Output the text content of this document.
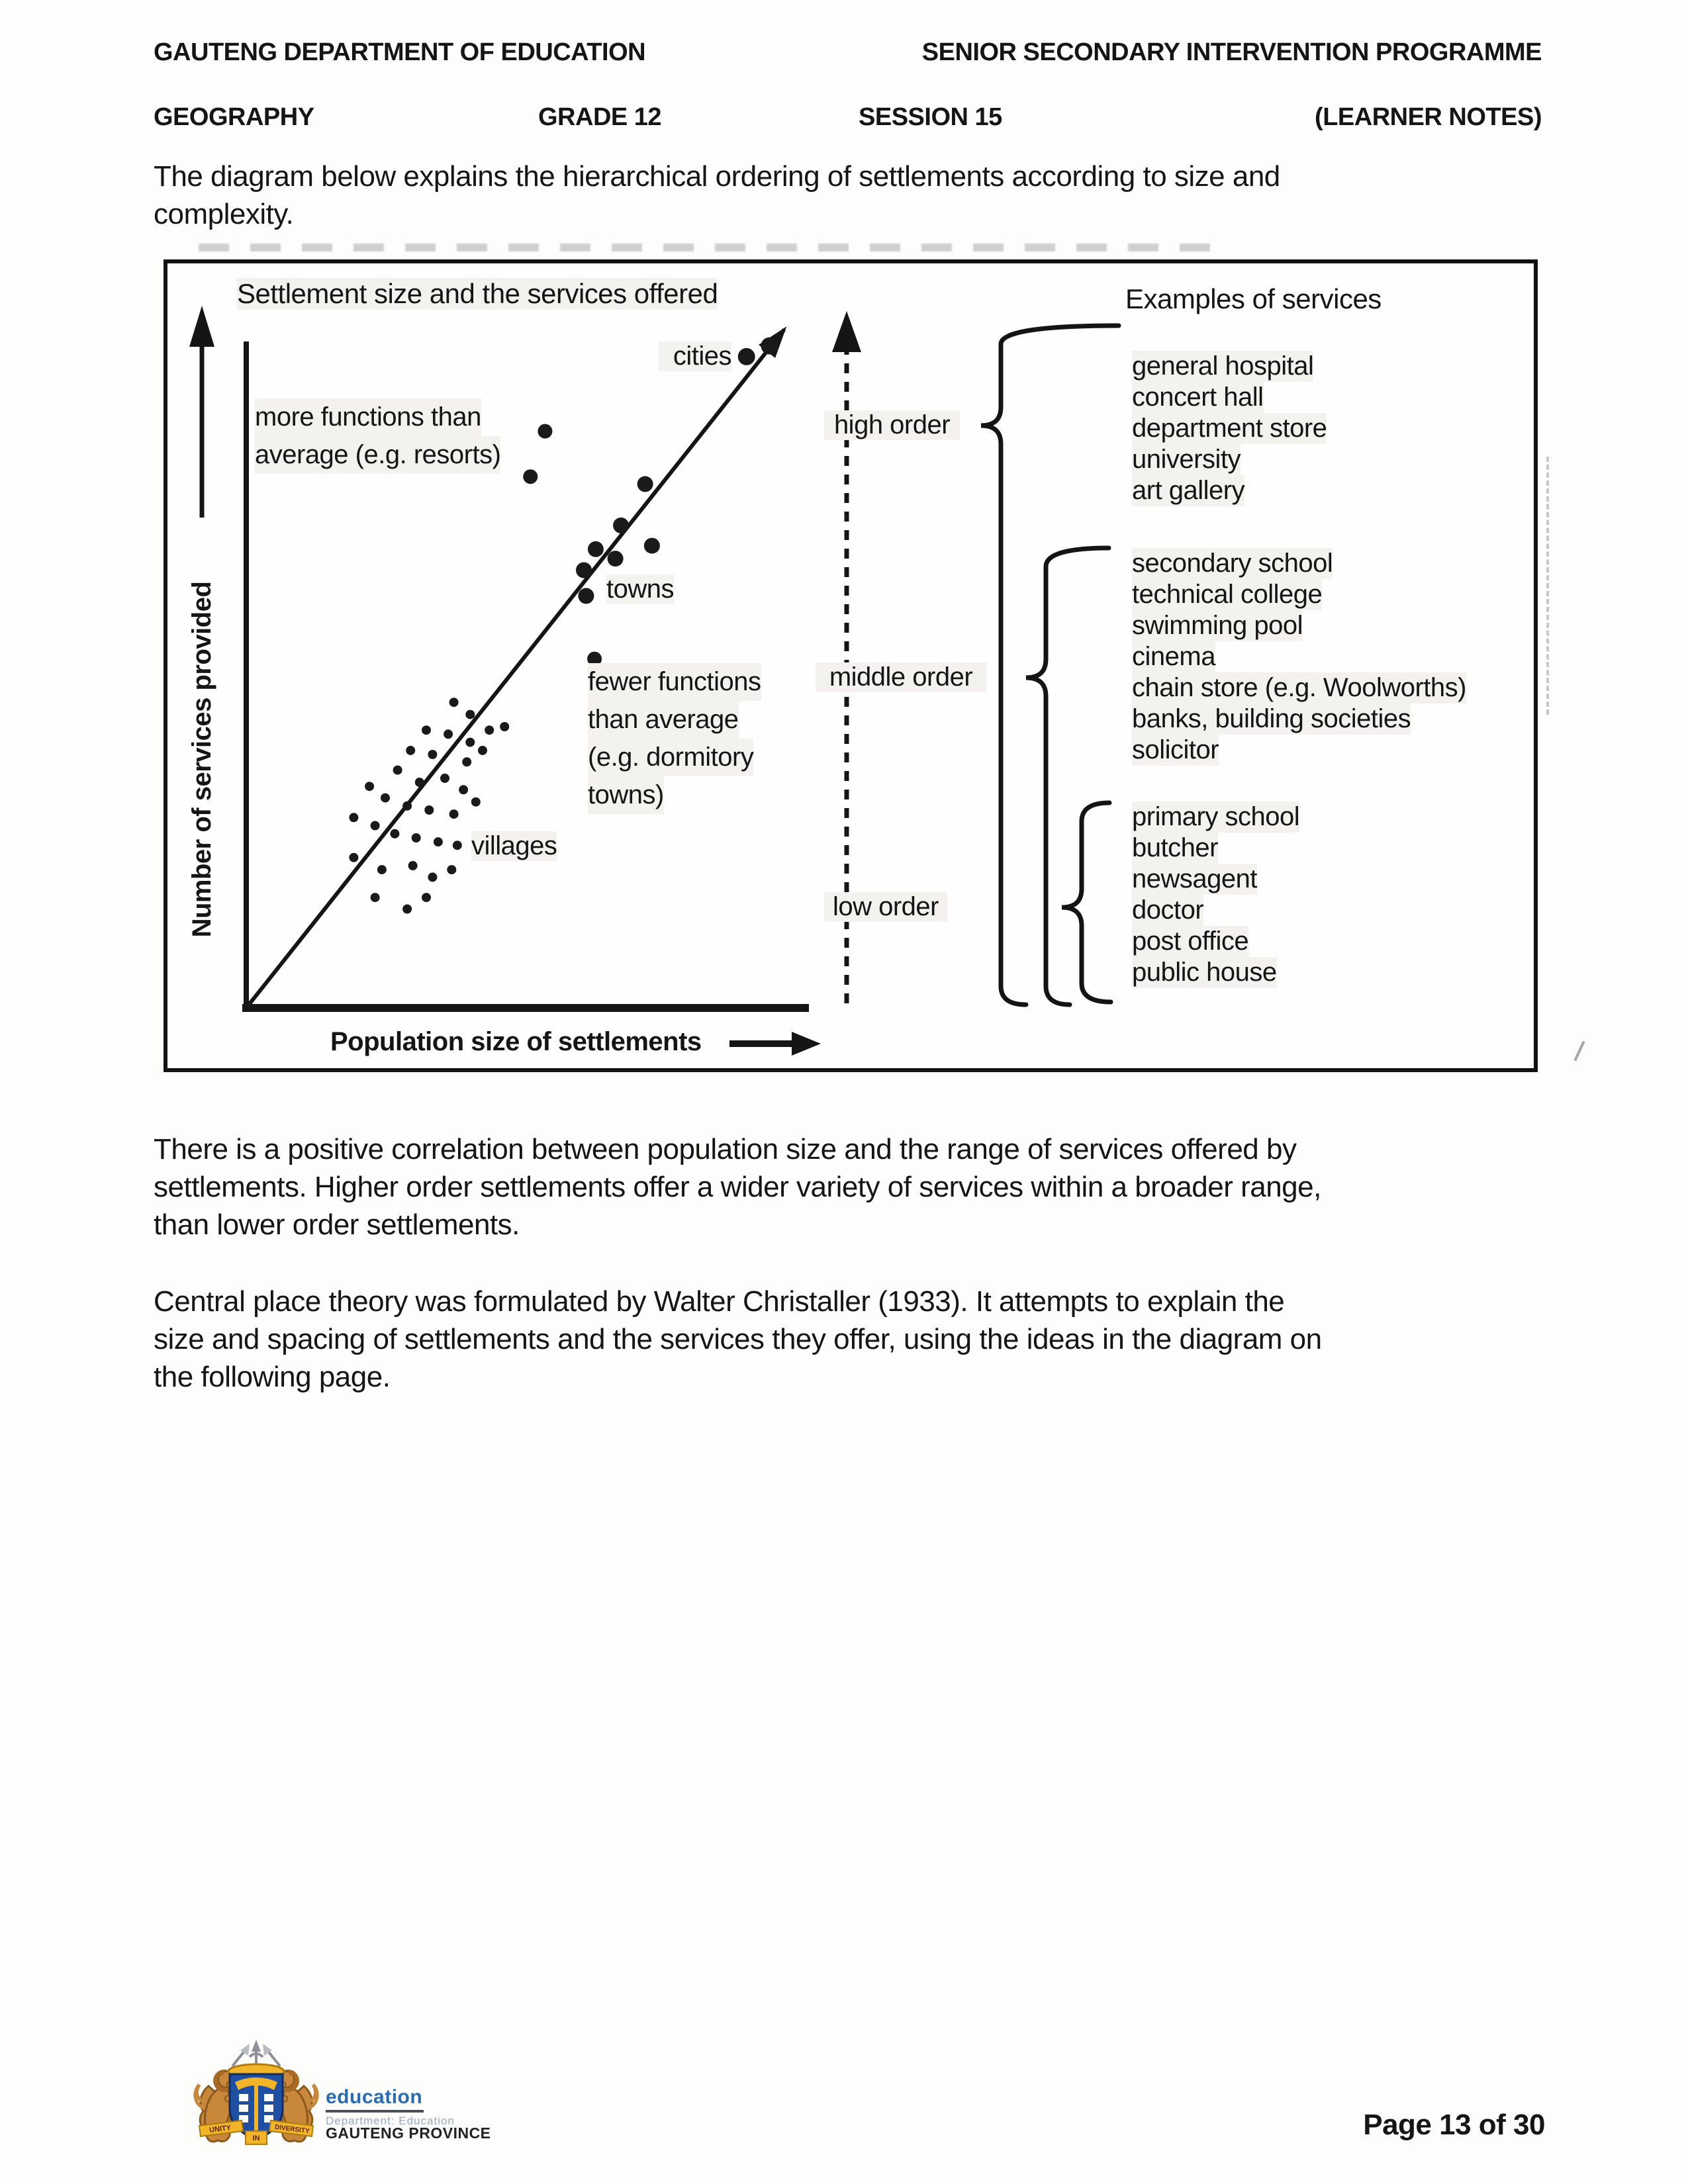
GAUTENG DEPARTMENT OF EDUCATION	SENIOR SECONDARY INTERVENTION PROGRAMME
GEOGRAPHY	GRADE 12	SESSION 15	(LEARNER NOTES)
The diagram below explains the hierarchical ordering of settlements according to size and
complexity.
UNITY
IN
DIVERSITY
Settlement size and the services offered
Number of services provided
Population size of settlements
cities
towns
villages
more functions than
average (e.g. resorts)
fewer functions
than average
(e.g. dormitory
towns)
high order
middle order
low order
Examples of services
general hospital
concert hall
department store
university
art gallery
secondary school
technical college
swimming pool
cinema
chain store (e.g. Woolworths)
banks, building societies
solicitor
primary school
butcher
newsagent
doctor
post office
public house
There is a positive correlation between population size and the range of services offered by
settlements. Higher order settlements offer a wider variety of services within a broader range,
than lower order settlements.
Central place theory was formulated by Walter Christaller (1933). It attempts to explain the
size and spacing of settlements and the services they offer, using the ideas in the diagram on
the following page.
education
Department: Education
GAUTENG PROVINCE	Page 13 of 30
